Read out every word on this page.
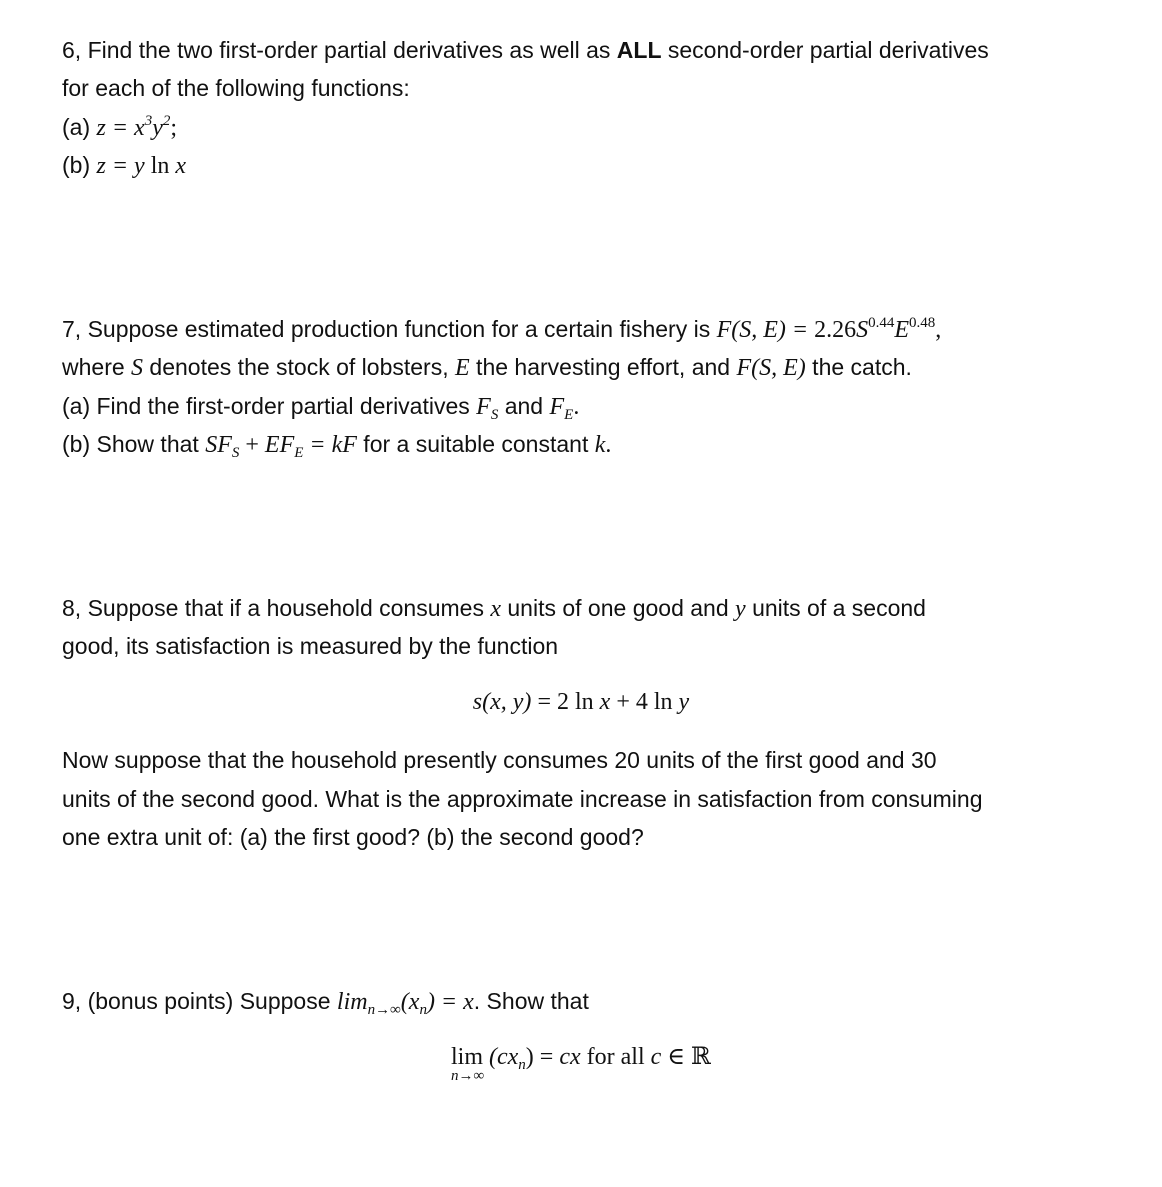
6, Find the two first-order partial derivatives as well as ALL second-order partial derivatives
for each of the following functions:
(a) $z = x^3y^2$;
(b) z = y ln x
7, Suppose estimated production function for a certain fishery is F(S, $E) = 2.26S^{0.44}E^{0.48}$,
where S denotes the stock of lobsters, E the harvesting effort, and F(S, E) the catch.
(a) Find the first-order partial derivatives $F_S$ and $F_E$.
(b) Show that $SF_S + EF_E$ = kF for a suitable constant k.
8, Suppose that if a household consumes x units of one good and y units of a second
good, its satisfaction is measured by the function
s(x, y) = 2 ln x + 4 ln y
Now suppose that the household presently consumes 20 units of the first good and 30
units of the second good. What is the approximate increase in satisfaction from consuming
one extra unit of: (a) the first good? (b) the second good?
9, (bonus points) Suppose $\lim_{n\to\infty}(x_n) = x$. Show that
lim
n→∞
$(cx_n)$ = cx for all c ∈ ℝ
